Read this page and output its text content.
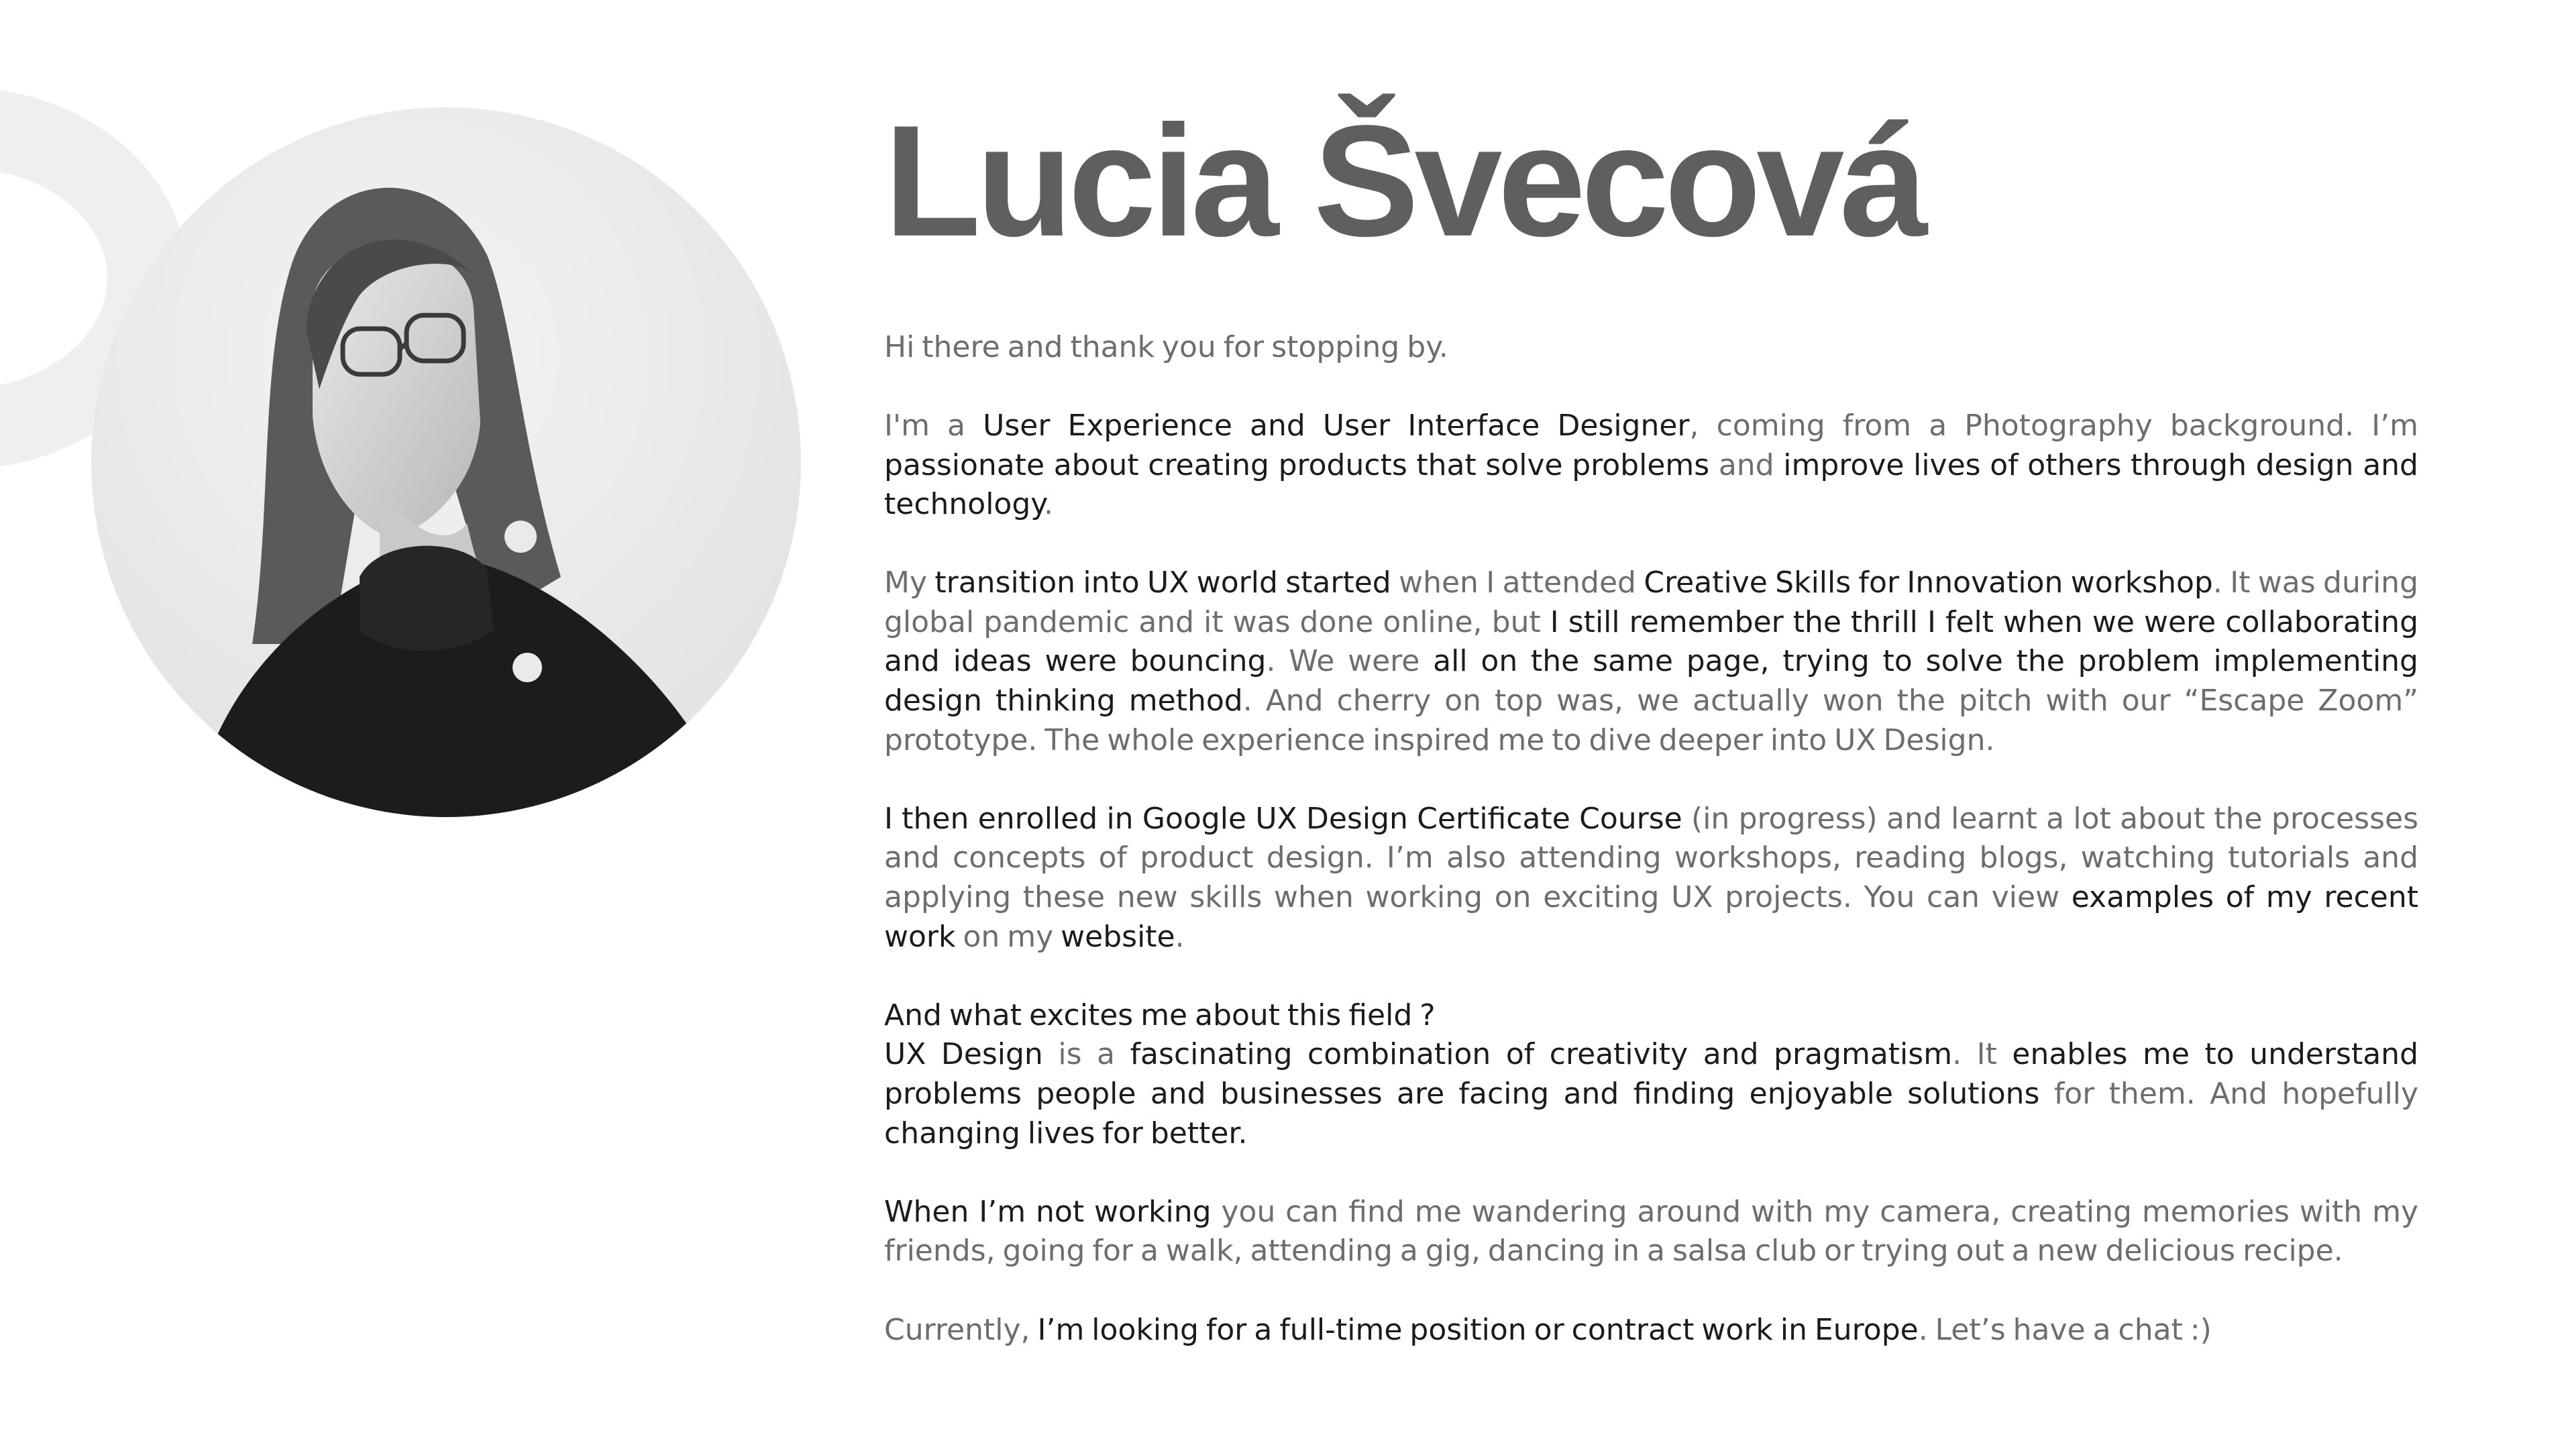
Lucia Švecová

Hi there and thank you for stopping by.

I'm a User Experience and User Interface Designer, coming from a Photography background. I’m passionate about creating products that solve problems and improve lives of others through design and technology.

My transition into UX world started when I attended Creative Skills for Innovation workshop. It was during global pandemic and it was done online, but I still remember the thrill I felt when we were collaborating and ideas were bouncing. We were all on the same page, trying to solve the problem implementing design thinking method. And cherry on top was, we actually won the pitch with our “Escape Zoom” prototype. The whole experience inspired me to dive deeper into UX Design.

I then enrolled in Google UX Design Certificate Course (in progress) and learnt a lot about the processes and concepts of product design. I’m also attending workshops, reading blogs, watching tutorials and applying these new skills when working on exciting UX projects. You can view examples of my recent work on my website.

And what excites me about this field ?

UX Design is a fascinating combination of creativity and pragmatism. It enables me to understand problems people and businesses are facing and finding enjoyable solutions for them. And hopefully changing lives for better.

When I’m not working you can find me wandering around with my camera, creating memories with my friends, going for a walk, attending a gig, dancing in a salsa club or trying out a new delicious recipe.

Currently, I’m looking for a full-time position or contract work in Europe. Let’s have a chat :)
